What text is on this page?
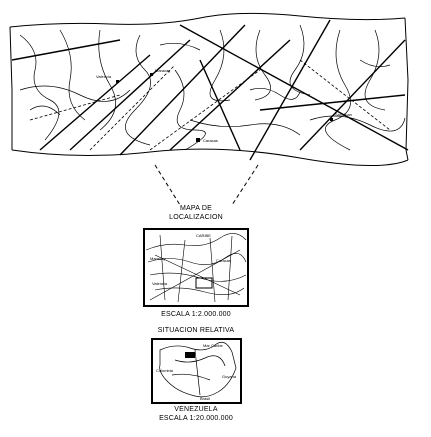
Caracas
Valencia
Maracay
San Juan
CARIBE
Maracay
Valencia
Caracas
Mar Caribe
Colombia
Brasil
Guyana
MAPA DE
LOCALIZACION
ESCALA 1:2.000.000
SITUACION RELATIVA
VENEZUELA
ESCALA 1:20.000.000
